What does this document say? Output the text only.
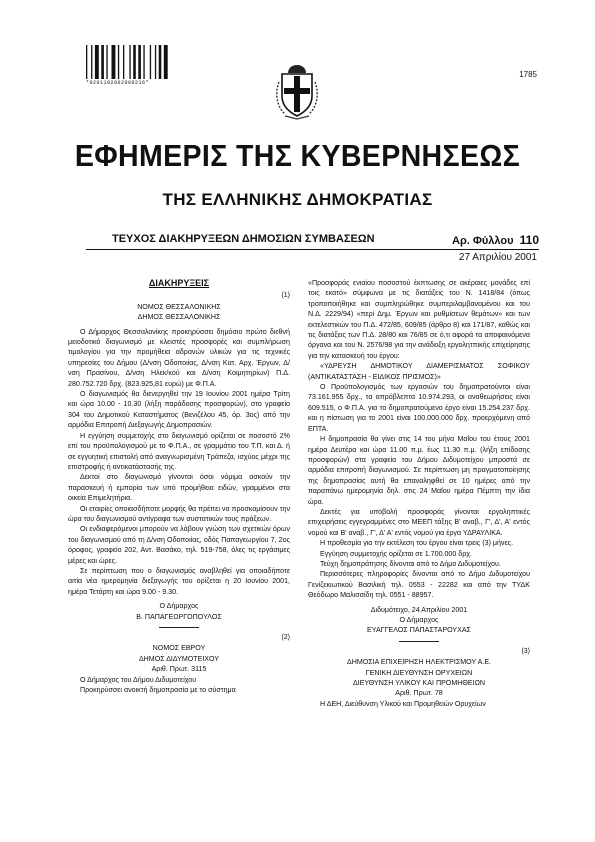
*0201102902000216*
1785
ΕΦΗΜΕΡΙΣ ΤΗΣ ΚΥΒΕΡΝΗΣΕΩΣ
ΤΗΣ ΕΛΛΗΝΙΚΗΣ ΔΗΜΟΚΡΑΤΙΑΣ
ΤΕΥΧΟΣ ΔΙΑΚΗΡΥΞΕΩΝ ΔΗΜΟΣΙΩΝ ΣΥΜΒΑΣΕΩΝ	Αρ. Φύλλου 110
27 Απριλίου 2001
ΔΙΑΚΗΡΥΞΕΙΣ
(1)

ΝΟΜΟΣ ΘΕΣΣΑΛΟΝΙΚΗΣ

ΔΗΜΟΣ ΘΕΣΣΑΛΟΝΙΚΗΣ

Ο Δήμαρχος Θεσσαλονίκης προκηρύσσει δημόσιο πρώτο διεθνή μειοδοτικό διαγωνισμό με κλειστές προσφορές και συμπλήρωση τιμολογίου για την προμήθεια αδρανών υλικών για τις τεχνικές υπηρεσίες του Δήμου (Δ/νση Οδοποιίας, Δ/νση Κατ. Αρχ. Έργων, Δ/νση Πρασίνου, Δ/νση Ηλεκ/κού και Δ/νση Κοιμητηρίων) Π.Δ. 280.752.720 δρχ. (823.925,81 ευρώ) με Φ.Π.Α.

Ο διαγωνισμός θα διενεργηθεί την 19 Ιουνίου 2001 ημέρα Τρίτη και ώρα 10.00 - 10.30 (λήξη παράδοσης προσφορών), στο γραφείο 304 του Δημοτικού Καταστήματος (Βενιζέλου 45, όρ. 3ος) από την αρμόδια Επιτροπή Διεξαγωγής Δημοπρασιών.

Η εγγύηση συμμετοχής στο διαγωνισμό ορίζεται σε ποσοστό 2% επί του προϋπολογισμού με το Φ.Π.Α., σε γραμμάτιο του Τ.Π. και Δ. ή σε εγγυητική επιστολή από αναγνωρισμένη Τράπεζα, ισχύος μέχρι της επιστροφής ή αντικατάστασής της.

Δεκτοί στο διαγωνισμό γίνονται όσοι νόμιμα ασκούν την παρασκευή ή εμπορία των υπό προμήθεια ειδών, γραμμένοι στα οικεία Επιμελητήρια.

Οι εταιρίες οποιασδήποτε μορφής θα πρέπει να προσκομίσουν την ώρα του διαγωνισμού αντίγραφα των συστατικών τους πράξεων.

Οι ενδιαφερόμενοι μπορούν να λάβουν γνώση των σχετικών όρων του διαγωνισμού από τη Δ/νση Οδοποιίας, οδός Παπαγεωργίου 7, 2ος όροφος, γραφείο 202, Αντ. Βασάκο, τηλ. 519-758, όλες τις εργάσιμες μέρες και ώρες.

Σε περίπτωση που ο διαγωνισμός αναβληθεί για οποιαδήποτε αιτία νέα ημερομηνία διεξαγωγής του ορίζεται η 20 Ιουνίου 2001, ημέρα Τετάρτη και ώρα 9.00 - 9.30.

Ο Δήμαρχος

Β. ΠΑΠΑΓΕΩΡΓΟΠΟΥΛΟΣ

(2)

ΝΟΜΟΣ ΕΒΡΟΥ

ΔΗΜΟΣ ΔΙΔΥΜΟΤΕΙΧΟΥ

Αριθ. Πρωτ. 3115

Ο Δήμαρχος του Δήμου Διδυμοτείχου

Προκηρύσσει ανοικτή δημοπρασία με το σύστημα

«Προσφοράς ενιαίου ποσοστού έκπτωσης σε ακέραιες μονάδες επί τοις εκατό» σύμφωνα με τις διατάξεις του Ν. 1418/84 (όπως τροποποιήθηκε και συμπληρώθηκε συμπεριλαμβανομένου και του Ν.Δ. 2229/94) «περί Δημ. Έργων και ρυθμίσεων θεμάτων» και των εκτελεστικών του Π.Δ. 472/85, 609/85 (άρθρο 8) και 171/87, καθώς και τις διατάξεις των Π.Δ. 28/80 και 76/85 σε ό,τι αφορά τα αποφαινόμενα όργανα και του Ν. 2576/98 για την ανάδειξη εργολητπικής επιχείρησης για την κατασκευή του έργου:

«ΥΔΡΕΥΣΗ ΔΗΜΟΤΙΚΟΥ ΔΙΑΜΕΡΙΣΜΑΤΟΣ ΣΟΦΙΚΟΥ (ΑΝΤΙΚΑΤΑΣΤΑΣΗ - ΕΙΔΙΚΟΣ ΠΡΙΣΜΟΣ)»

Ο Προϋπολογισμός των εργασιών του δημοπρατούντοι είναι 73.161.955 δρχ., τα απρόβλεπτα 10.974.293, οι αναθεωρήσεις είναι 609.515, ο Φ.Π.Α. για το δημοπρατούμενο έργο είναι 15.254.237 δρχ. και η πίστωση για το 2001 είναι 100.000.000 δρχ. προερχόμενη από ΕΠΤΑ.

Η δημοπρασία θα γίνει στις 14 του μήνα Μαΐου του έτους 2001 ημέρα Δευτέρα και ώρα 11.00 π.μ. έως 11.30 π.μ. (λήξη επίδοσης προσφορών) στα γραφεία του Δήμου Διδυμοτείχου μπροστά σε αρμόδια επιτροπή διαγωνισμού. Σε περίπτωση μη πραγματοποίησης της δημοπρασίας αυτή θα επαναληφθεί σε 10 ημέρες από την παραπάνω ημερομηνία δηλ. στις 24 Μαΐου ημέρα Πέμπτη την ίδια ώρα.

Δεκτές για υποβολή προσφοράς γίνονται εργοληπτικές επιχειρήσεις εγγεγραμμένες στο ΜΕΕΠ τάξης Β' αναβ., Γ', Δ', Α' εντός νομού και Β' αναβ., Γ', Δ' Α' εντός νομού για έργα ΥΔΡΑΥΛΙΚΑ.

Η προθεσμία για την εκτέλεση του έργου είναι τρεις (3) μήνες.

Εγγύηση συμμετοχής ορίζεται σε 1.700.000 δρχ.

Τεύχη δημοπράτησης δίνονται από το Δήμο Διδυμοτείχου.

Περισσότερες πληροφορίες δίνονται από το Δήμο Διδυμοτείχου Γενίζεκιωτικού Βασιλική τηλ. 0553 - 22282 και από την ΤΥΔΚ Θεόδωρο Μαλισσίδη τηλ. 0551 - 88957.

Διδυμότειχο, 24 Απριλίου 2001

Ο Δήμαρχος

ΕΥΑΓΓΕΛΟΣ ΠΑΠΑΣΤΑΡΟΥΧΑΣ

(3)

ΔΗΜΟΣΙΑ ΕΠΙΧΕΙΡΗΣΗ ΗΛΕΚΤΡΙΣΜΟΥ Α.Ε.

ΓΕΝΙΚΗ ΔΙΕΥΘΥΝΣΗ ΟΡΥΧΕΙΩΝ

ΔΙΕΥΘΥΝΣΗ ΥΛΙΚΟΥ ΚΑΙ ΠΡΟΜΗΘΕΙΩΝ

Αριθ. Πρωτ. 78

Η ΔΕΗ, Διεύθυνση Υλικού και Προμηθειών Ορυχείων
